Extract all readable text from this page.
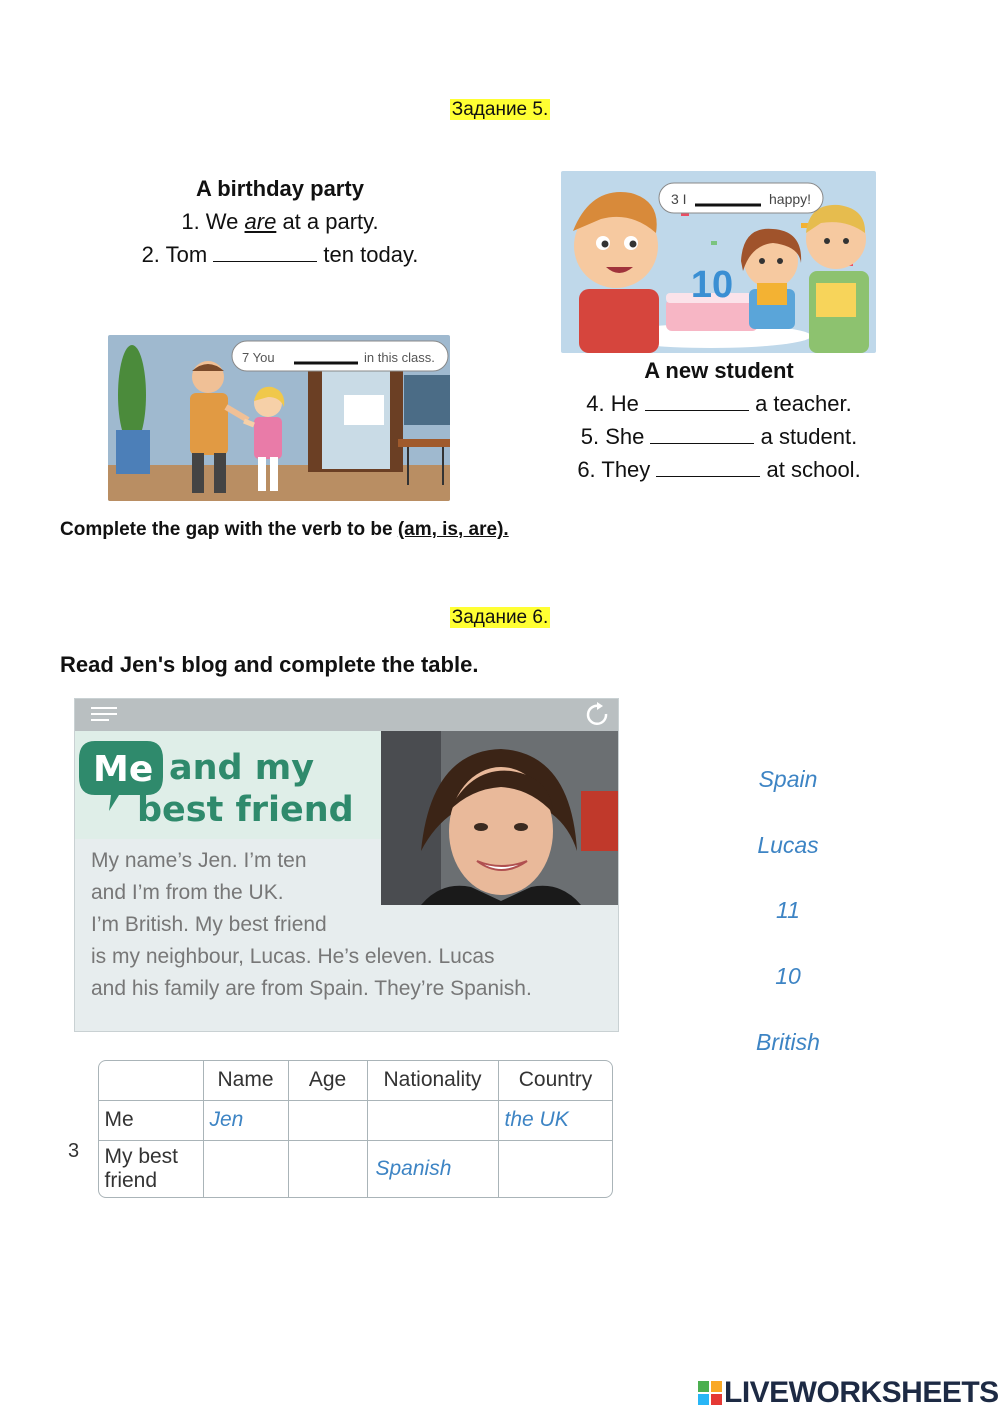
Задание 5.
A birthday party
1. We are at a party.
2. Tom	ten today.
10
3 I	happy!
A new student
4. He	a teacher.
5. She	a student.
6. They	at school.
7 You	in this class.
Complete the gap with the verb to be (am, is, are).
Задание 6.
Read Jen's blog and complete the table.
Me and my
best friend
My name’s Jen. I’m ten
and I’m from the UK.
I’m British. My best friend
is my neighbour, Lucas. He’s eleven. Lucas
and his family are from Spain. They’re Spanish.
3
	Name	Age	Nationality	Country
Me	Jen			the UK

My best
friend			Spanish	
Spain
Lucas
11
10
British
LIVEWORKSHEETS
